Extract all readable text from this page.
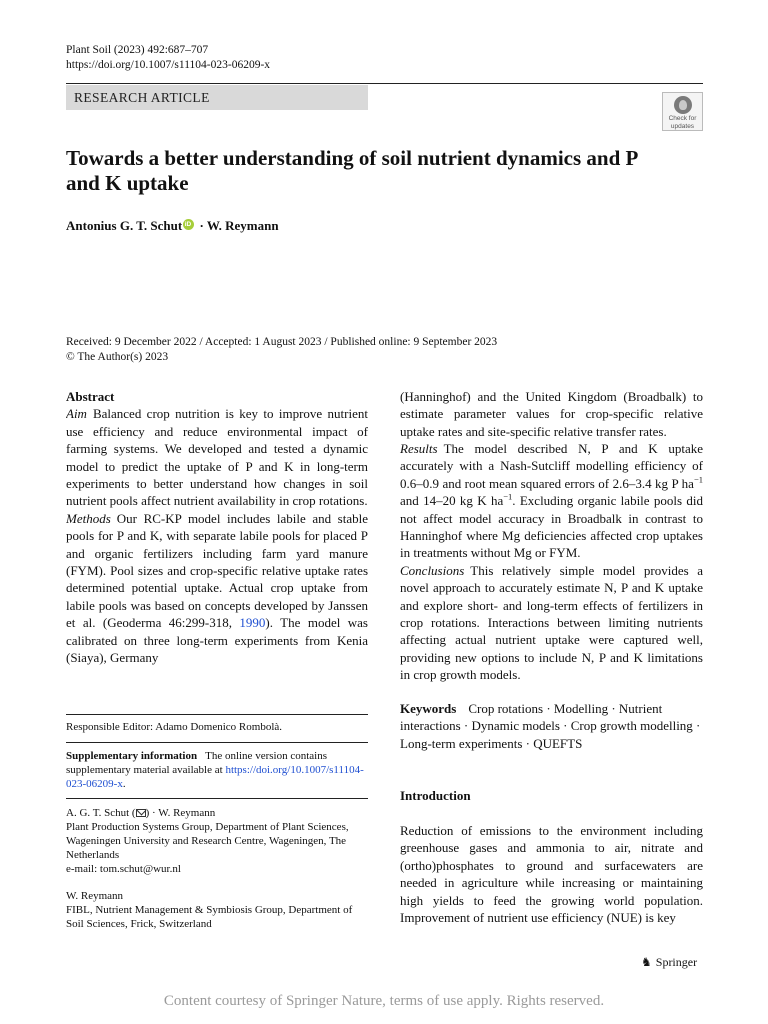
Plant Soil (2023) 492:687–707
https://doi.org/10.1007/s11104-023-06209-x
RESEARCH ARTICLE
Check for
updates
Towards a better understanding of soil nutrient dynamics and P and K uptake
Antonius G. T. SchutiD · W. Reymann
Received: 9 December 2022 / Accepted: 1 August 2023 / Published online: 9 September 2023
© The Author(s) 2023

Abstract

Aim Balanced crop nutrition is key to improve nutrient use efficiency and reduce environmental impact of farming systems. We developed and tested a dynamic model to predict the uptake of P and K in long-term experiments to better understand how changes in soil nutrient pools affect nutrient availability in crop rotations.

Methods Our RC-KP model includes labile and stable pools for P and K, with separate labile pools for placed P and organic fertilizers including farm yard manure (FYM). Pool sizes and crop-specific relative uptake rates determined potential uptake. Actual crop uptake from labile pools was based on concepts developed by Janssen et al. (Geoderma 46:299-318, 1990). The model was calibrated on three long-term experiments from Kenia (Siaya), Germany

Responsible Editor: Adamo Domenico Rombolà.
Supplementary information The online version contains supplementary material available at https://doi.org/10.1007/s11104-023-06209-x.
A. G. T. Schut ( ) · W. Reymann
Plant Production Systems Group, Department of Plant Sciences, Wageningen University and Research Centre, Wageningen, The Netherlands
e-mail: tom.schut@wur.nl
W. Reymann
FIBL, Nutrient Management & Symbiosis Group, Department of Soil Sciences, Frick, Switzerland

Results The model described N, P and K uptake accurately with a Nash-Sutcliff modelling efficiency of 0.6–0.9 and root mean squared errors of 2.6–3.4 kg P $ha^{-1}$ and 14–20 kg K $ha^{-1}$. Excluding organic labile pools did not affect model accuracy in Broadbalk in contrast to Hanninghof where Mg deficiencies affected crop uptakes in treatments without Mg or FYM.

Conclusions This relatively simple model provides a novel approach to accurately estimate N, P and K uptake and explore short- and long-term effects of fertilizers in crop rotations. Interactions between limiting nutrients affecting actual nutrient uptake were captured well, providing new options to include N, P and K limitations in crop growth models.

(Hanninghof) and the United Kingdom (Broadbalk) to estimate parameter values for crop-specific relative uptake rates and site-specific relative transfer rates.

Keywords Crop rotations · Modelling · Nutrient interactions · Dynamic models · Crop growth modelling · Long-term experiments · QUEFTS
Introduction
Reduction of emissions to the environment including greenhouse gases and ammonia to air, nitrate and (ortho)phosphates to ground and surfacewaters are needed in agriculture while increasing or maintaining high yields to feed the growing world population. Improvement of nutrient use efficiency (NUE) is key
♞ Springer
Content courtesy of Springer Nature, terms of use apply. Rights reserved.
